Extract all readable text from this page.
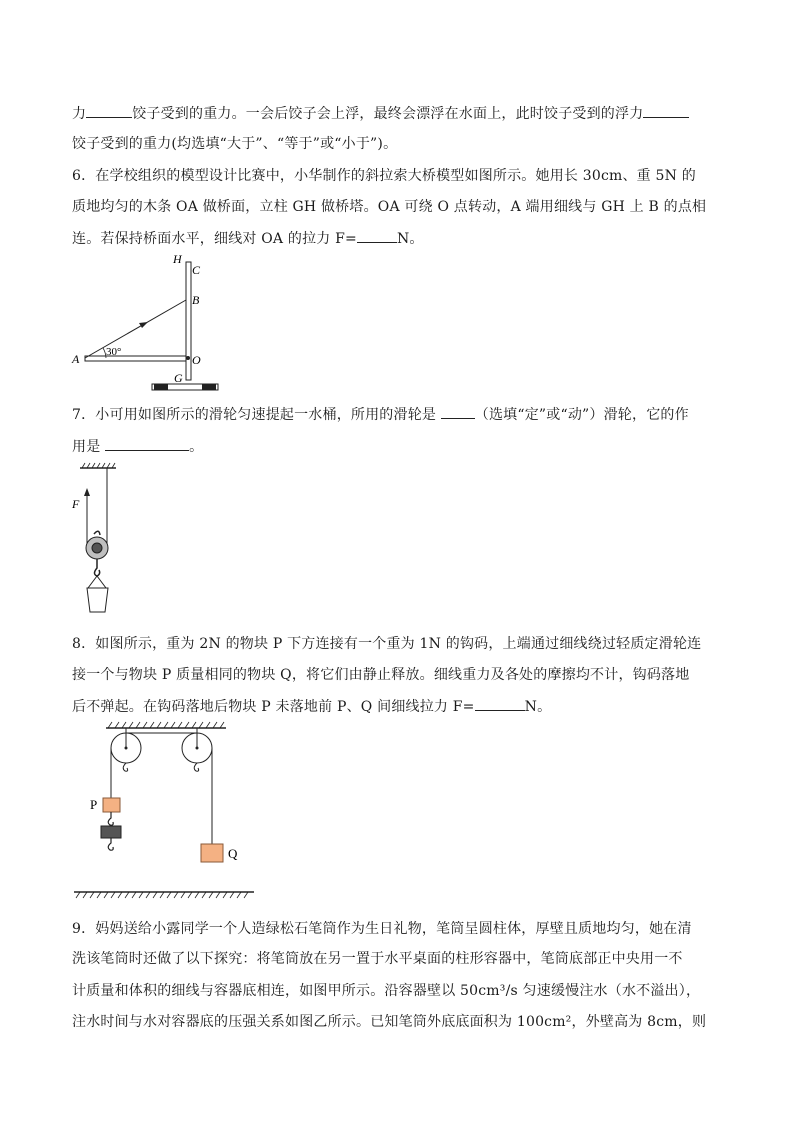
力	饺子受到的重力。一会后饺子会上浮，最终会漂浮在水面上，此时饺子受到的浮力
饺子受到的重力(均选填“大于”、“等于”或“小于”)。
6．在学校组织的模型设计比赛中，小华制作的斜拉索大桥模型如图所示。她用长 30cm、重 5N 的
质地均匀的木条 OA 做桥面，立柱 GH 做桥塔。OA 可绕 O 点转动，A 端用细线与 GH 上 B 的点相
连。若保持桥面水平，细线对 OA 的拉力 F=	N。
30°
H
C
B
A	O
G
7．小可用如图所示的滑轮匀速提起一水桶，所用的滑轮是	（选填“定”或“动”）滑轮，它的作
用是	。
F
8．如图所示，重为 2N 的物块 P 下方连接有一个重为 1N 的钩码，上端通过细线绕过轻质定滑轮连
接一个与物块 P 质量相同的物块 Q，将它们由静止释放。细线重力及各处的摩擦均不计，钩码落地
后不弹起。在钩码落地后物块 P 未落地前 P、Q 间细线拉力 F=	N。
P
Q
9．妈妈送给小露同学一个人造绿松石笔筒作为生日礼物，笔筒呈圆柱体，厚壁且质地均匀，她在清
洗该笔筒时还做了以下探究：将笔筒放在另一置于水平桌面的柱形容器中，笔筒底部正中央用一不
计质量和体积的细线与容器底相连，如图甲所示。沿容器壁以 50cm³/s 匀速缓慢注水（水不溢出），
注水时间与水对容器底的压强关系如图乙所示。已知笔筒外底底面积为 100cm²，外壁高为 8cm，则
